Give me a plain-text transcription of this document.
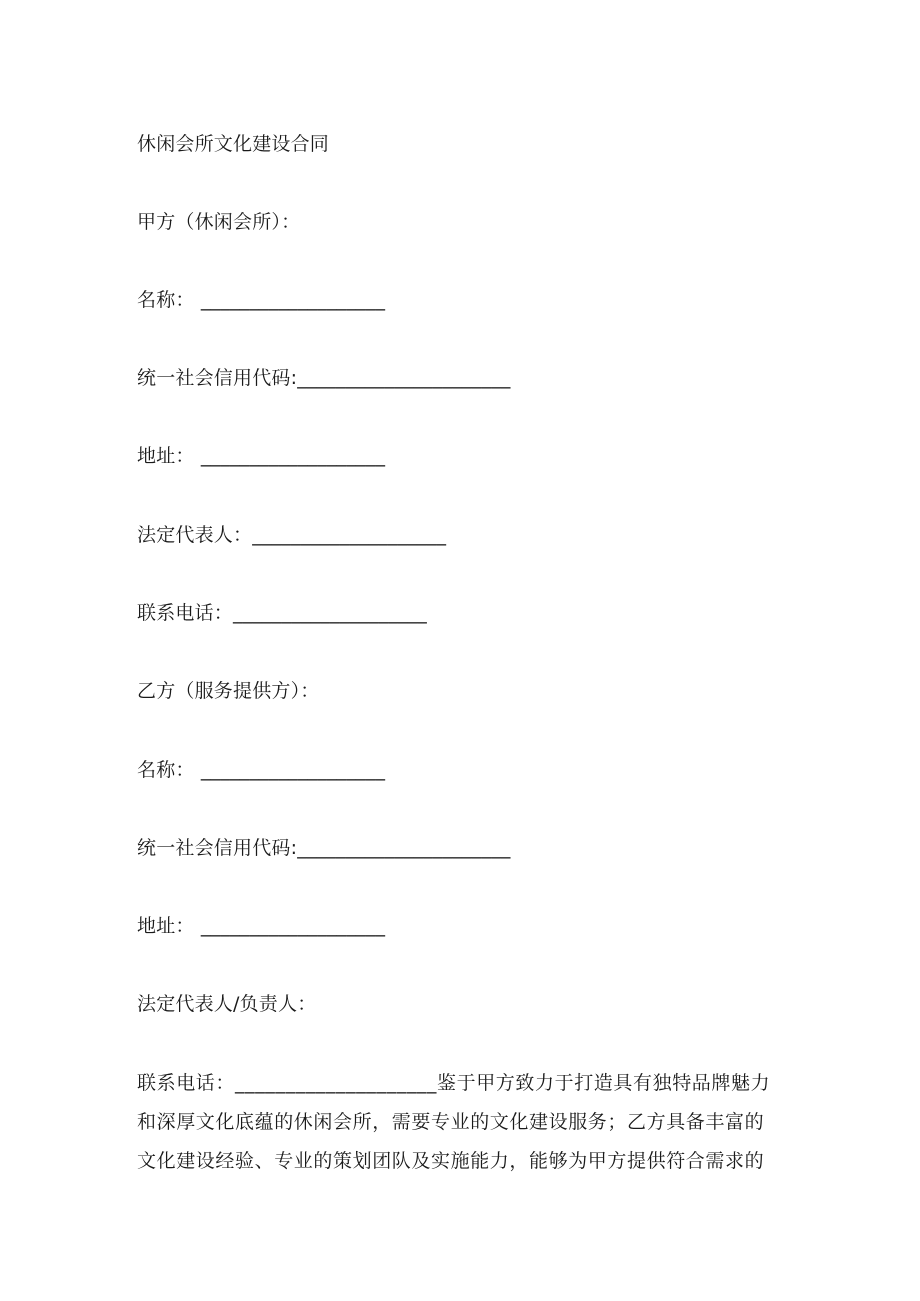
休闲会所文化建设合同
甲方（休闲会所）：
名称： ___________________
统一社会信用代码:______________________
地址： ___________________
法定代表人：____________________
联系电话：____________________
乙方（服务提供方）：
名称： ___________________
统一社会信用代码:______________________
地址： ___________________
法定代表人/负责人：
联系电话：____________________鉴于甲方致力于打造具有独特品牌魅力
和深厚文化底蕴的休闲会所，需要专业的文化建设服务；乙方具备丰富的
文化建设经验、专业的策划团队及实施能力，能够为甲方提供符合需求的
